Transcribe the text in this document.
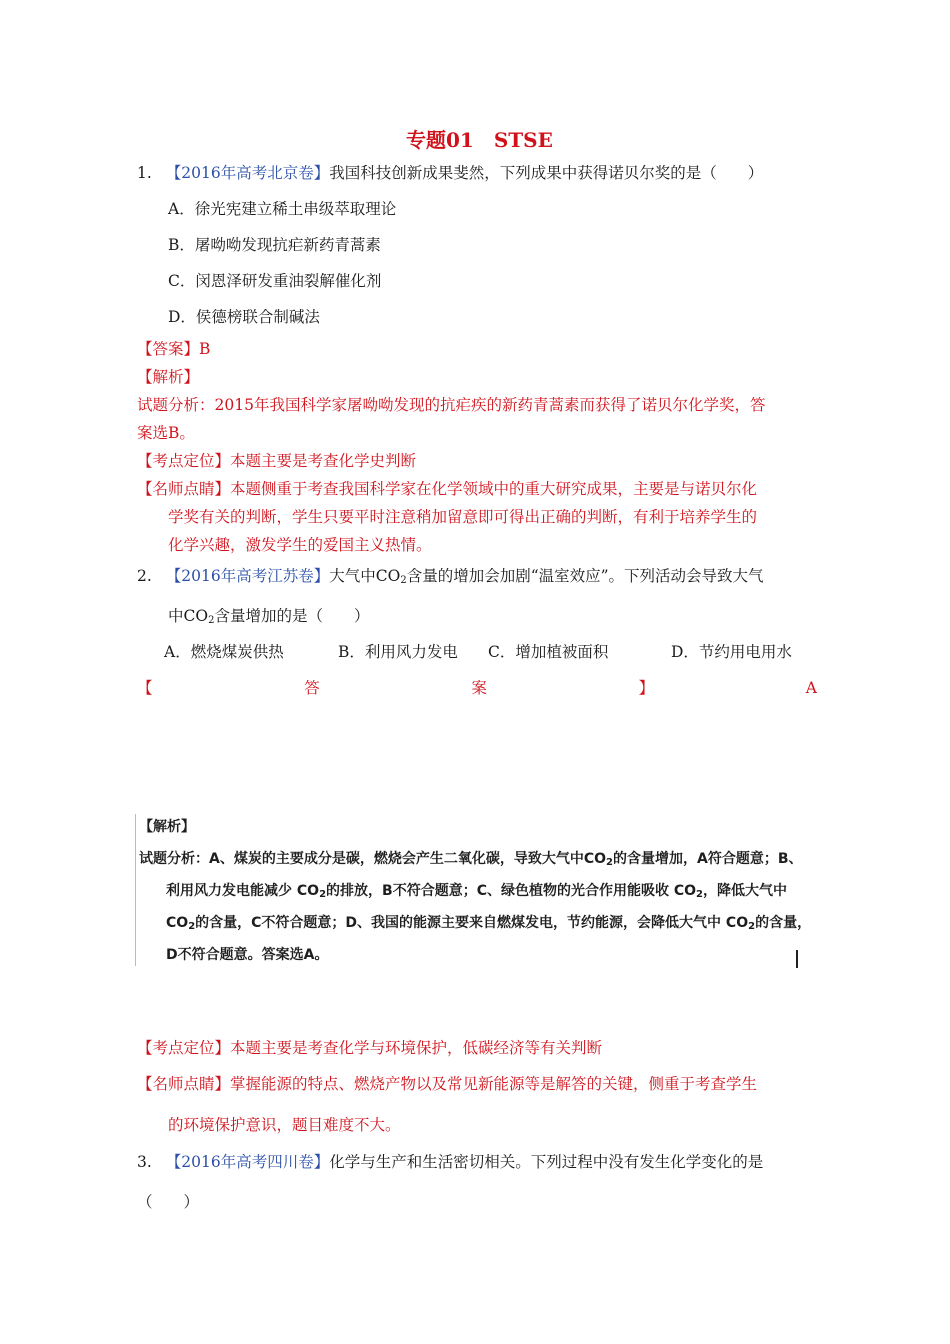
专题01　STSE
1. 【2016年高考北京卷】我国科技创新成果斐然，下列成果中获得诺贝尔奖的是（　　）
A．徐光宪建立稀土串级萃取理论
B．屠呦呦发现抗疟新药青蒿素
C．闵恩泽研发重油裂解催化剂
D．侯德榜联合制碱法
【答案】B
【解析】
试题分析：2015年我国科学家屠呦呦发现的抗疟疾的新药青蒿素而获得了诺贝尔化学奖，答
案选B。
【考点定位】本题主要是考查化学史判断
【名师点睛】本题侧重于考查我国科学家在化学领域中的重大研究成果，主要是与诺贝尔化
学奖有关的判断，学生只要平时注意稍加留意即可得出正确的判断，有利于培养学生的
化学兴趣，激发学生的爱国主义热情。
2. 【2016年高考江苏卷】大气中$CO_2$含量的增加会加剧“温室效应”。下列活动会导致大气
中$CO_2$含量增加的是（　　）
A．燃烧煤炭供热	B．利用风力发电 C．增加植被面积	D．节约用电用水
【	答	案	】	A
【解析】
试题分析：A、煤炭的主要成分是碳，燃烧会产生二氧化碳，导致大气中$CO_2$的含量增加，A符合题意；B、
利用风力发电能减少 $CO_2$的排放，B不符合题意；C、绿色植物的光合作用能吸收 $CO_2$，降低大气中
$CO_2$的含量，C不符合题意；D、我国的能源主要来自燃煤发电，节约能源，会降低大气中 $CO_2$的含量，
D不符合题意。答案选A。
【考点定位】本题主要是考查化学与环境保护，低碳经济等有关判断
【名师点睛】掌握能源的特点、燃烧产物以及常见新能源等是解答的关键，侧重于考查学生
的环境保护意识，题目难度不大。
3. 【2016年高考四川卷】化学与生产和生活密切相关。下列过程中没有发生化学变化的是
（　　）
